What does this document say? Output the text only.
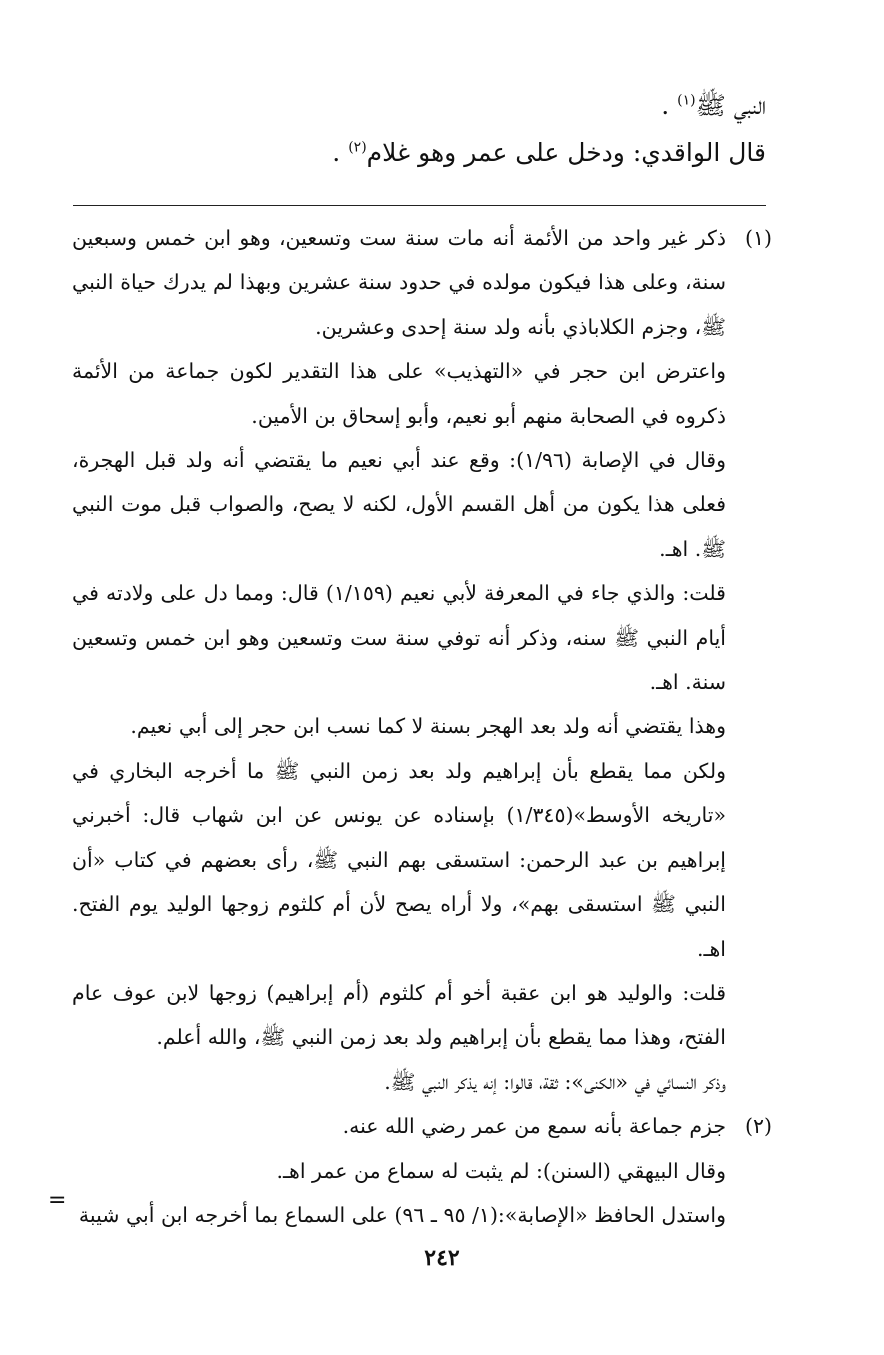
النبي ﷺ$^{(١)}$ .

قال الواقدي: ودخل على عمر وهو غلام$^{(٢)}$ .

(١)

ذكر غير واحد من الأئمة أنه مات سنة ست وتسعين، وهو ابن خمس وسبعين سنة، وعلى هذا فيكون مولده في حدود سنة عشرين وبهذا لم يدرك حياة النبي ﷺ، وجزم الكلاباذي بأنه ولد سنة إحدى وعشرين.

واعترض ابن حجر في «التهذيب» على هذا التقدير لكون جماعة من الأئمة ذكروه في الصحابة منهم أبو نعيم، وأبو إسحاق بن الأمين.

وقال في الإصابة (١/٩٦): وقع عند أبي نعيم ما يقتضي أنه ولد قبل الهجرة، فعلى هذا يكون من أهل القسم الأول، لكنه لا يصح، والصواب قبل موت النبي ﷺ. اهـ.

قلت: والذي جاء في المعرفة لأبي نعيم (١/١٥٩) قال: ومما دل على ولادته في أيام النبي ﷺ سنه، وذكر أنه توفي سنة ست وتسعين وهو ابن خمس وتسعين سنة. اهـ.

وهذا يقتضي أنه ولد بعد الهجر بسنة لا كما نسب ابن حجر إلى أبي نعيم.

ولكن مما يقطع بأن إبراهيم ولد بعد زمن النبي ﷺ ما أخرجه البخاري في «تاريخه الأوسط»(١/٣٤٥) بإسناده عن يونس عن ابن شهاب قال: أخبرني إبراهيم بن عبد الرحمن: استسقى بهم النبي ﷺ، رأى بعضهم في كتاب «أن النبي ﷺ استسقى بهم»، ولا أراه يصح لأن أم كلثوم زوجها الوليد يوم الفتح. اهـ.

قلت: والوليد هو ابن عقبة أخو أم كلثوم (أم إبراهيم) زوجها لابن عوف عام الفتح، وهذا مما يقطع بأن إبراهيم ولد بعد زمن النبي ﷺ، والله أعلم.

وذكر النسائي في «الكنى»: ثقة، قالوا: إنه يذكر النبي ﷺ.

(٢)

جزم جماعة بأنه سمع من عمر رضي الله عنه.

وقال البيهقي (السنن): لم يثبت له سماع من عمر اهـ.

واستدل الحافظ «الإصابة»:(١/ ٩٥ ـ ٩٦) على السماع بما أخرجه ابن أبي شيبة

=
٢٤٢
